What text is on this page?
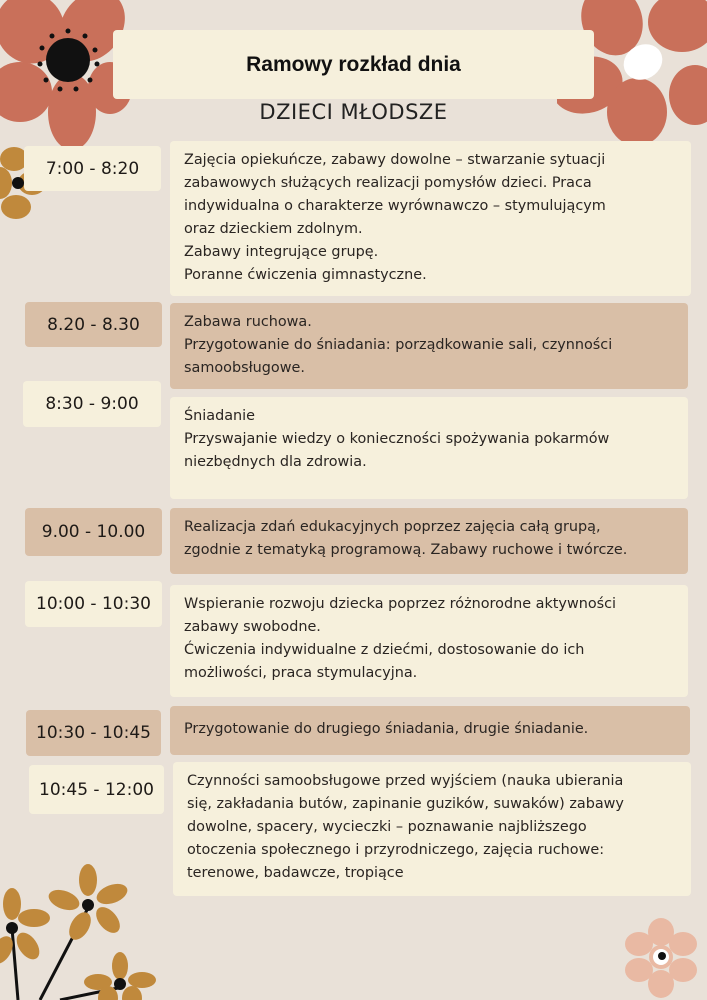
Ramowy rozkład dnia
DZIECI MŁODSZE
7:00 - 8:20	Zajęcia opiekuńcze, zabawy dowolne – stwarzanie sytuacji
zabawowych służących realizacji pomysłów dzieci. Praca
indywidualna o charakterze wyrównawczo – stymulującym
oraz dzieckiem zdolnym.
Zabawy integrujące grupę.
Poranne ćwiczenia gimnastyczne.
8.20 - 8.30	Zabawa ruchowa.
Przygotowanie do śniadania: porządkowanie sali, czynności
samoobsługowe.
8:30 - 9:00
Śniadanie
Przyswajanie wiedzy o konieczności spożywania pokarmów
niezbędnych dla zdrowia.
9.00 - 10.00	Realizacja zdań edukacyjnych poprzez zajęcia całą grupą,
zgodnie z tematyką programową. Zabawy ruchowe i twórcze.
10:00 - 10:30 Wspieranie rozwoju dziecka poprzez różnorodne aktywności
zabawy swobodne.
Ćwiczenia indywidualne z dziećmi, dostosowanie do ich
możliwości, praca stymulacyjna.
10:30 - 10:45 Przygotowanie do drugiego śniadania, drugie śniadanie.
10:45 - 12:00 Czynności samoobsługowe przed wyjściem (nauka ubierania
się, zakładania butów, zapinanie guzików, suwaków) zabawy
dowolne, spacery, wycieczki – poznawanie najbliższego
otoczenia społecznego i przyrodniczego, zajęcia ruchowe:
terenowe, badawcze, tropiące
